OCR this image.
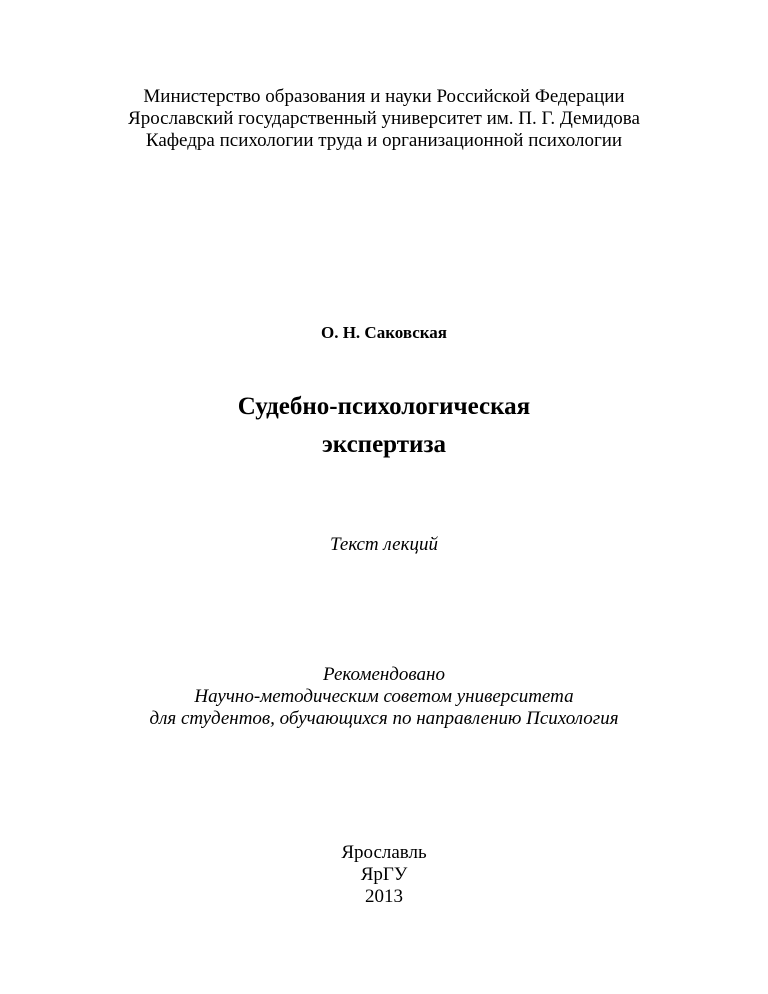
Министерство образования и науки Российской Федерации
Ярославский государственный университет им. П. Г. Демидова
Кафедра психологии труда и организационной психологии
О. Н. Саковская
Судебно-психологическая
экспертиза
Текст лекций
Рекомендовано
Научно-методическим советом университета
для студентов, обучающихся по направлению Психология
Ярославль
ЯрГУ
2013
